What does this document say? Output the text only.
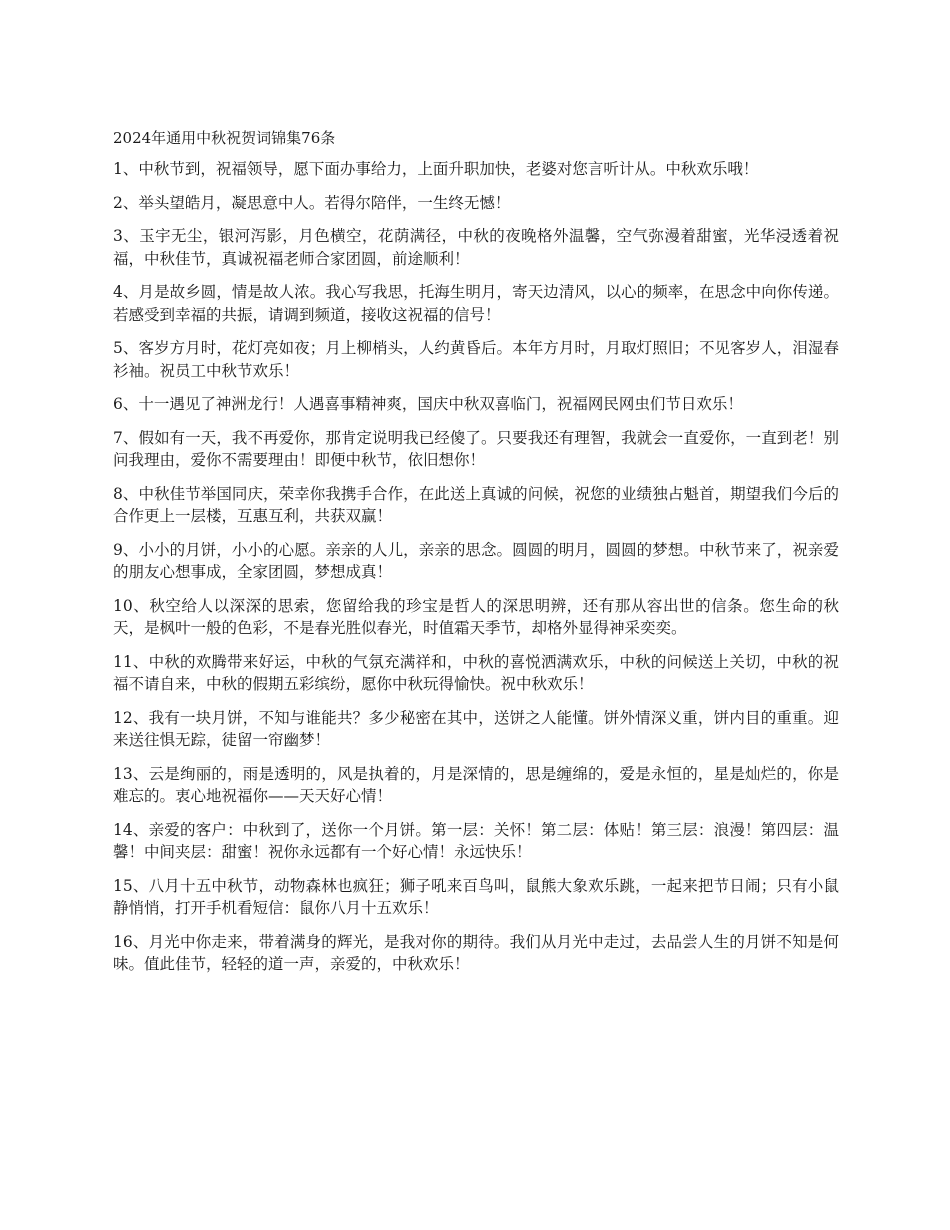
2024年通用中秋祝贺词锦集76条

1、中秋节到，祝福领导，愿下面办事给力，上面升职加快，老婆对您言听计从。中秋欢乐哦！

2、举头望皓月，凝思意中人。若得尔陪伴，一生终无憾！

3、玉宇无尘，银河泻影，月色横空，花荫满径，中秋的夜晚格外温馨，空气弥漫着甜蜜，光华浸透着祝福，中秋佳节，真诚祝福老师合家团圆，前途顺利！

4、月是故乡圆，情是故人浓。我心写我思，托海生明月，寄天边清风，以心的频率，在思念中向你传递。若感受到幸福的共振，请调到频道，接收这祝福的信号！

5、客岁方月时，花灯亮如夜；月上柳梢头，人约黄昏后。本年方月时，月取灯照旧；不见客岁人，泪湿春衫袖。祝员工中秋节欢乐！

6、十一遇见了神洲龙行！人遇喜事精神爽，国庆中秋双喜临门，祝福网民网虫们节日欢乐！

7、假如有一天，我不再爱你，那肯定说明我已经傻了。只要我还有理智，我就会一直爱你，一直到老！别问我理由，爱你不需要理由！即便中秋节，依旧想你！

8、中秋佳节举国同庆，荣幸你我携手合作，在此送上真诚的问候，祝您的业绩独占魁首，期望我们今后的合作更上一层楼，互惠互利，共获双赢！

9、小小的月饼，小小的心愿。亲亲的人儿，亲亲的思念。圆圆的明月，圆圆的梦想。中秋节来了，祝亲爱的朋友心想事成，全家团圆，梦想成真！

10、秋空给人以深深的思索，您留给我的珍宝是哲人的深思明辨，还有那从容出世的信条。您生命的秋天，是枫叶一般的色彩，不是春光胜似春光，时值霜天季节，却格外显得神采奕奕。

11、中秋的欢腾带来好运，中秋的气氛充满祥和，中秋的喜悦洒满欢乐，中秋的问候送上关切，中秋的祝福不请自来，中秋的假期五彩缤纷，愿你中秋玩得愉快。祝中秋欢乐！

12、我有一块月饼，不知与谁能共？多少秘密在其中，送饼之人能懂。饼外情深义重，饼内目的重重。迎来送往惧无踪，徒留一帘幽梦！

13、云是绚丽的，雨是透明的，风是执着的，月是深情的，思是缠绵的，爱是永恒的，星是灿烂的，你是难忘的。衷心地祝福你——天天好心情！

14、亲爱的客户：中秋到了，送你一个月饼。第一层：关怀！第二层：体贴！第三层：浪漫！第四层：温馨！中间夹层：甜蜜！祝你永远都有一个好心情！永远快乐！

15、八月十五中秋节，动物森林也疯狂；狮子吼来百鸟叫，鼠熊大象欢乐跳，一起来把节日闹；只有小鼠静悄悄，打开手机看短信：鼠你八月十五欢乐！

16、月光中你走来，带着满身的辉光，是我对你的期待。我们从月光中走过，去品尝人生的月饼不知是何味。值此佳节，轻轻的道一声，亲爱的，中秋欢乐！
